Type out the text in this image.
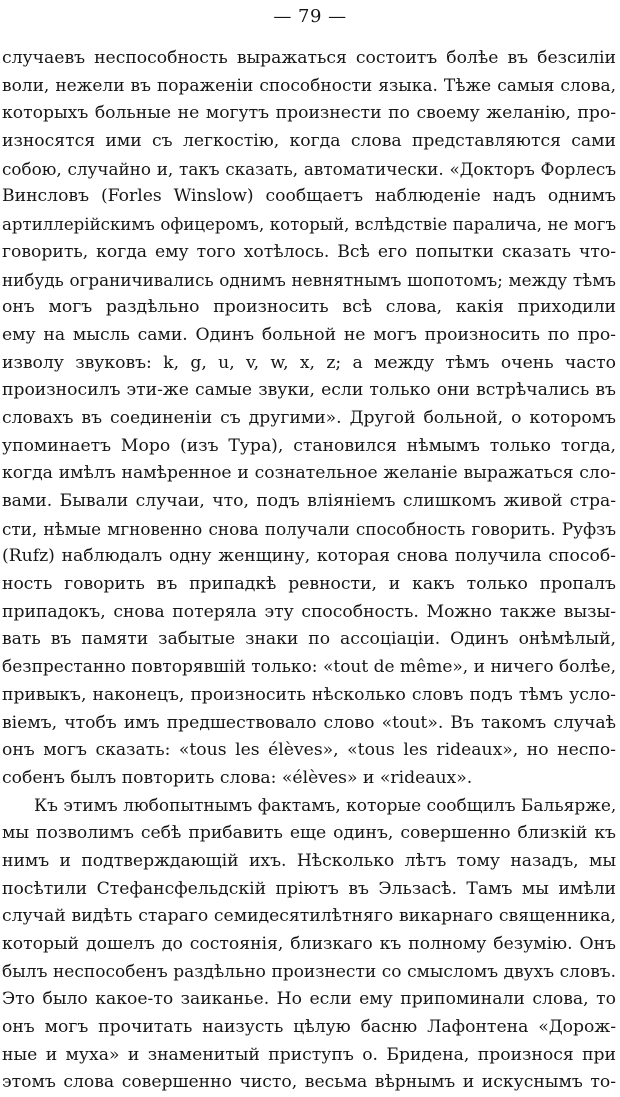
— 79 —
случаевъ неспособность выражаться состоитъ болѣе въ безсиліи
воли, нежели въ пораженіи способности языка. Тѣже самыя слова,
которыхъ больные не могутъ произнести по своему желанію, про-
износятся ими съ легкостію, когда слова представляются сами
собою, случайно и, такъ сказать, автоматически. «Докторъ Форлесъ
Винсловъ (Forles Winslow) сообщаетъ наблюденіе надъ однимъ
артиллерійскимъ офицеромъ, который, вслѣдствіе паралича, не могъ
говорить, когда ему того хотѣлось. Всѣ его попытки сказать что-
нибудь ограничивались однимъ невнятнымъ шопотомъ; между тѣмъ
онъ могъ раздѣльно произносить всѣ слова, какія приходили
ему на мысль сами. Одинъ больной не могъ произносить по про-
изволу звуковъ: k, g, u, v, w, x, z; а между тѣмъ очень часто
произносилъ эти-же самые звуки, если только они встрѣчались въ
словахъ въ соединеніи съ другими». Другой больной, о которомъ
упоминаетъ Моро (изъ Тура), становился нѣмымъ только тогда,
когда имѣлъ намѣренное и сознательное желаніе выражаться сло-
вами. Бывали случаи, что, подъ вліяніемъ слишкомъ живой стра-
сти, нѣмые мгновенно снова получали способность говорить. Руфзъ
(Rufz) наблюдалъ одну женщину, которая снова получила способ-
ность говорить въ припадкѣ ревности, и какъ только пропалъ
припадокъ, снова потеряла эту способность. Можно также вызы-
вать въ памяти забытые знаки по ассоціаціи. Одинъ онѣмѣлый,
безпрестанно повторявшій только: «tout de même», и ничего болѣе,
привыкъ, наконецъ, произносить нѣсколько словъ подъ тѣмъ усло-
віемъ, чтобъ имъ предшествовало слово «tout». Въ такомъ случаѣ
онъ могъ сказать: «tous les élèves», «tous les rideaux», но неспо-
собенъ былъ повторить слова: «élèves» и «rideaux».
Къ этимъ любопытнымъ фактамъ, которые сообщилъ Бальярже,
мы позволимъ себѣ прибавить еще одинъ, совершенно близкій къ
нимъ и подтверждающій ихъ. Нѣсколько лѣтъ тому назадъ, мы
посѣтили Стефансфельдскій пріютъ въ Эльзасѣ. Тамъ мы имѣли
случай видѣть стараго семидесятилѣтняго викарнаго священника,
который дошелъ до состоянія, близкаго къ полному безумію. Онъ
былъ неспособенъ раздѣльно произнести со смысломъ двухъ словъ.
Это было какое-то заиканье. Но если ему припоминали слова, то
онъ могъ прочитать наизусть цѣлую басню Лафонтена «Дорож-
ные и муха» и знаменитый приступъ о. Бридена, произнося при
этомъ слова совершенно чисто, весьма вѣрнымъ и искуснымъ то-
